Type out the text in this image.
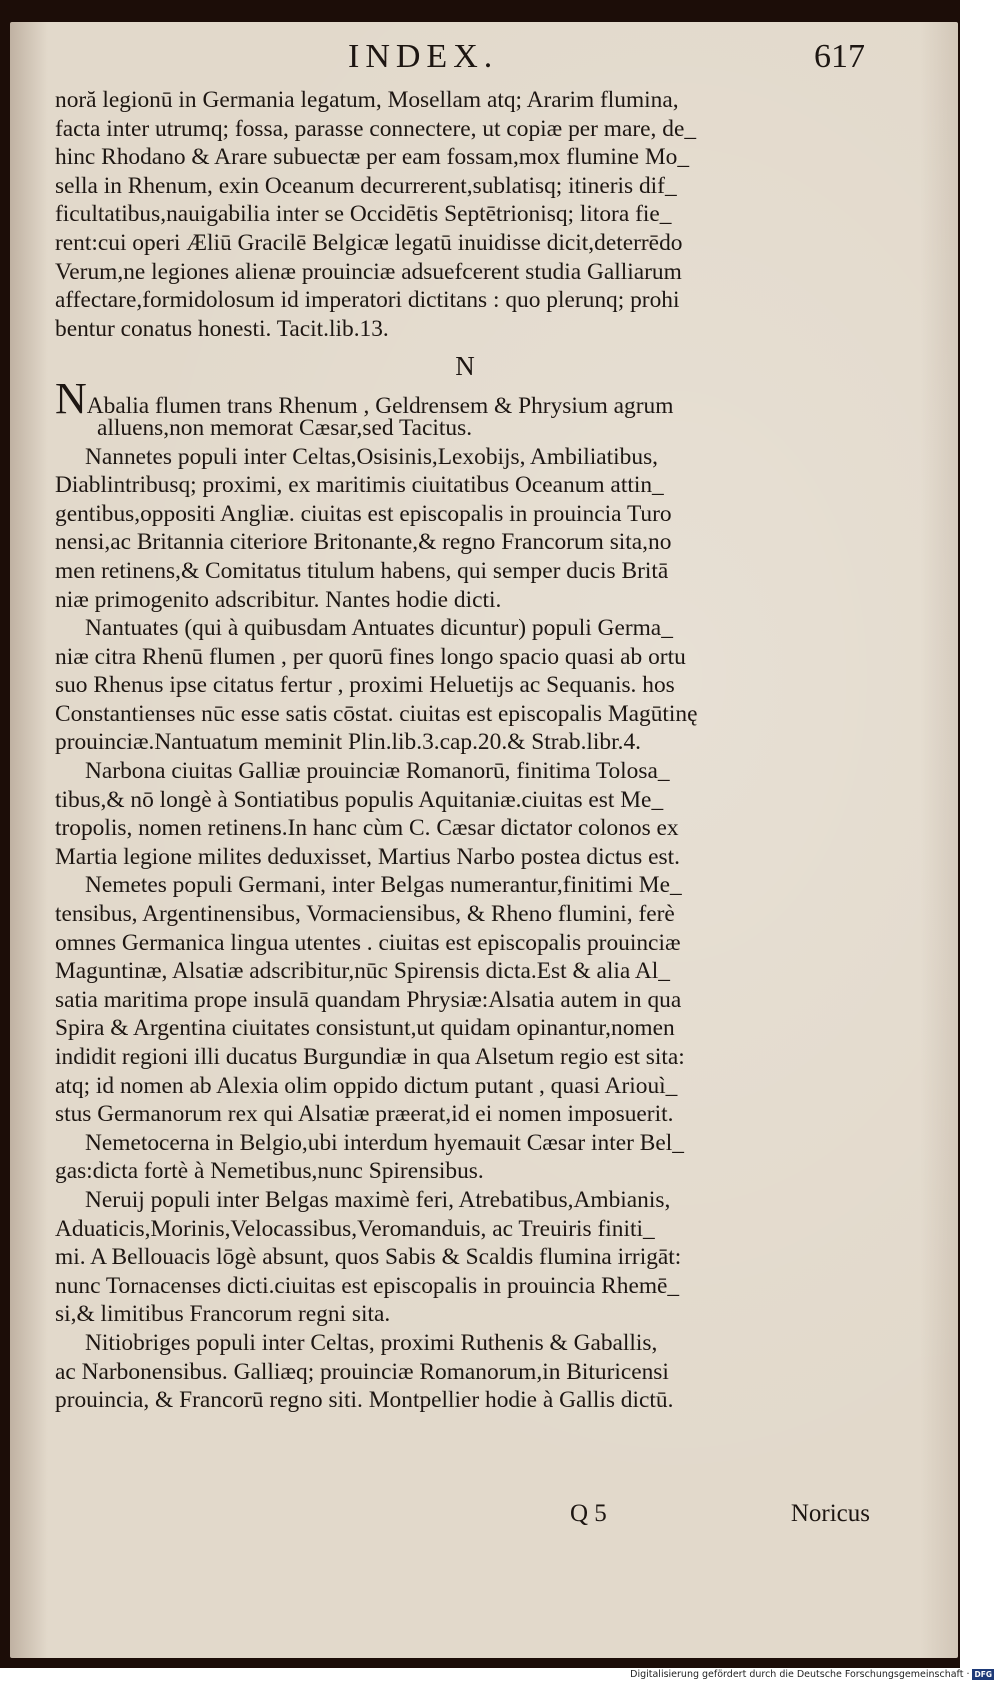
INDEX.	617
noră legionū in Germania legatum, Mosellam atq; Ararim flumina,
facta inter utrumq; fossa, parasse connectere, ut copiæ per mare, de_
hinc Rhodano & Arare subuectæ per eam fossam,mox flumine Mo_
sella in Rhenum, exin Oceanum decurrerent,sublatisq; itineris dif_
ficultatibus,nauigabilia inter se Occidētis Septētrionisq; litora fie_
rent:cui operi Æliū Gracilē Belgicæ legatū inuidisse dicit,deterrēdo
Verum,ne legiones alienæ prouinciæ adsuefcerent studia Galliarum
affectare,formidolosum id imperatori dictitans : quo plerunq; prohi
bentur conatus honesti. Tacit.lib.13.
N
NAbalia flumen trans Rhenum , Geldrensem & Phrysium agrum
alluens,non memorat Cæsar,sed Tacitus.
Nannetes populi inter Celtas,Osisinis,Lexobijs, Ambiliatibus,
Diablintribusq; proximi, ex maritimis ciuitatibus Oceanum attin_
gentibus,oppositi Angliæ. ciuitas est episcopalis in prouincia Turo
nensi,ac Britannia citeriore Britonante,& regno Francorum sita,no
men retinens,& Comitatus titulum habens, qui semper ducis Britā
niæ primogenito adscribitur. Nantes hodie dicti.
Nantuates (qui à quibusdam Antuates dicuntur) populi Germa_
niæ citra Rhenū flumen , per quorū fines longo spacio quasi ab ortu
suo Rhenus ipse citatus fertur , proximi Heluetijs ac Sequanis. hos
Constantienses nūc esse satis cōstat. ciuitas est episcopalis Magūtinę
prouinciæ.Nantuatum meminit Plin.lib.3.cap.20.& Strab.libr.4.
Narbona ciuitas Galliæ prouinciæ Romanorū, finitima Tolosa_
tibus,& nō longè à Sontiatibus populis Aquitaniæ.ciuitas est Me_
tropolis, nomen retinens.In hanc cùm C. Cæsar dictator colonos ex
Martia legione milites deduxisset, Martius Narbo postea dictus est.
Nemetes populi Germani, inter Belgas numerantur,finitimi Me_
tensibus, Argentinensibus, Vormaciensibus, & Rheno flumini, ferè
omnes Germanica lingua utentes . ciuitas est episcopalis prouinciæ
Maguntinæ, Alsatiæ adscribitur,nūc Spirensis dicta.Est & alia Al_
satia maritima prope insulā quandam Phrysiæ:Alsatia autem in qua
Spira & Argentina ciuitates consistunt,ut quidam opinantur,nomen
indidit regioni illi ducatus Burgundiæ in qua Alsetum regio est sita:
atq; id nomen ab Alexia olim oppido dictum putant , quasi Ariouì_
stus Germanorum rex qui Alsatiæ præerat,id ei nomen imposuerit.
Nemetocerna in Belgio,ubi interdum hyemauit Cæsar inter Bel_
gas:dicta fortè à Nemetibus,nunc Spirensibus.
Neruij populi inter Belgas maximè feri, Atrebatibus,Ambianis,
Aduaticis,Morinis,Velocassibus,Veromanduis, ac Treuiris finiti_
mi. A Bellouacis lōgè absunt, quos Sabis & Scaldis flumina irrigāt:
nunc Tornacenses dicti.ciuitas est episcopalis in prouincia Rhemē_
si,& limitibus Francorum regni sita.
Nitiobriges populi inter Celtas, proximi Ruthenis & Gaballis,
ac Narbonensibus. Galliæq; prouinciæ Romanorum,in Bituricensi
prouincia, & Francorū regno siti. Montpellier hodie à Gallis dictū.
Q 5	Noricus
Digitalisierung gefördert durch die Deutsche Forschungsgemeinschaft · DFG
